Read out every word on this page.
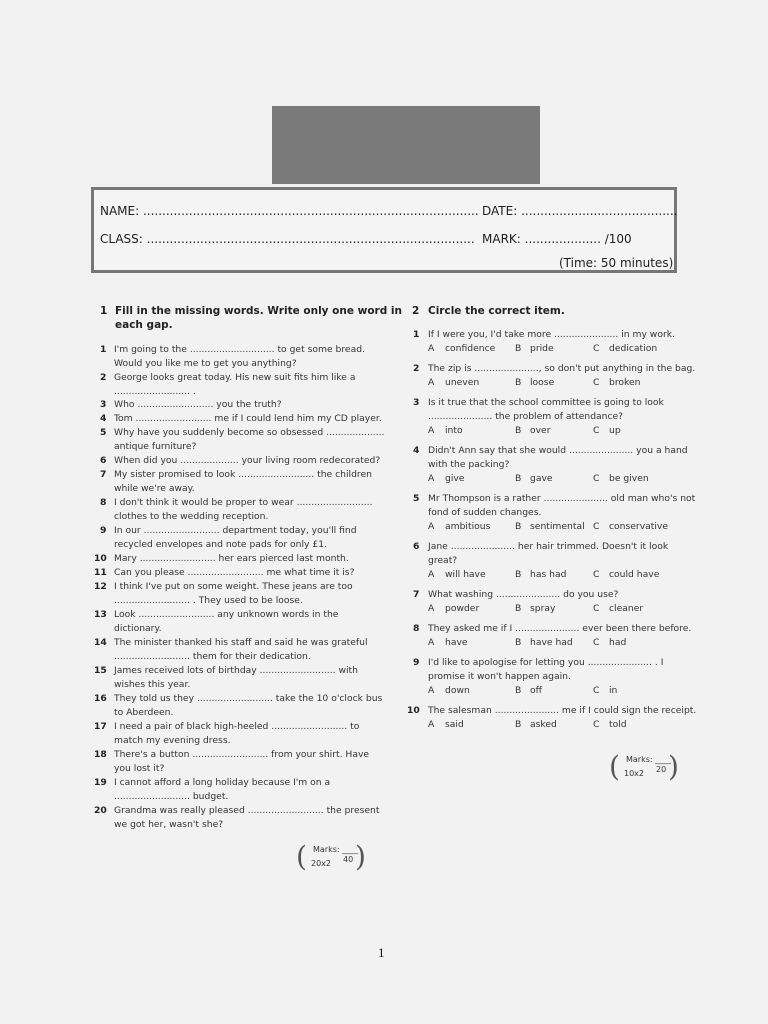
NAME: ........................................................................................ DATE: .........................................
CLASS: ...................................................................................... MARK: .................... /100
(Time: 50 minutes)
1 Fill in the missing words. Write only one word in
each gap.
1 I'm going to the ............................. to get some bread.
Would you like me to get you anything?
2 George looks great today. His new suit fits him like a
.......................... .
3 Who .......................... you the truth?
4 Tom .......................... me if I could lend him my CD player.
5 Why have you suddenly become so obsessed ....................
antique furniture?
6 When did you .................... your living room redecorated?
7 My sister promised to look .......................... the children
while we're away.
8 I don't think it would be proper to wear ..........................
clothes to the wedding reception.
9 In our .......................... department today, you'll find
recycled envelopes and note pads for only £1.
10 Mary .......................... her ears pierced last month.
11 Can you please .......................... me what time it is?
12 I think I've put on some weight. These jeans are too
.......................... . They used to be loose.
13 Look .......................... any unknown words in the
dictionary.
14 The minister thanked his staff and said he was grateful
.......................... them for their dedication.
15 James received lots of birthday .......................... with
wishes this year.
16 They told us they .......................... take the 10 o'clock bus
to Aberdeen.
17 I need a pair of black high-heeled .......................... to
match my evening dress.
18 There's a button .......................... from your shirt. Have
you lost it?
19 I cannot afford a long holiday because I'm on a
.......................... budget.
20 Grandma was really pleased .......................... the present
we got her, wasn't she?
2 Circle the correct item.
1 If I were you, I'd take more ...................... in my work.
A confidence B pride	C dedication
2 The zip is ......................, so don't put anything in the bag.
A uneven	B loose	C broken
3 Is it true that the school committee is going to look
...................... the problem of attendance?
A into	B over	C up
4 Didn't Ann say that she would ...................... you a hand
with the packing?
A give	B gave	C be given
5 Mr Thompson is a rather ...................... old man who's not
fond of sudden changes.
A ambitious	B sentimental C conservative
6 Jane ...................... her hair trimmed. Doesn't it look
great?
A will have	B has had	C could have
7 What washing ...................... do you use?
A powder	B spray	C cleaner
8 They asked me if I ...................... ever been there before.
A have	B have had C had
9 I'd like to apologise for letting you ...................... . I
promise it won't happen again.
A down	B off	C in
10 The salesman ...................... me if I could sign the receipt.
A said	B asked	C told
( Marks: ____
40
20x2 )
( Marks: ____
20
10x2 )
1
